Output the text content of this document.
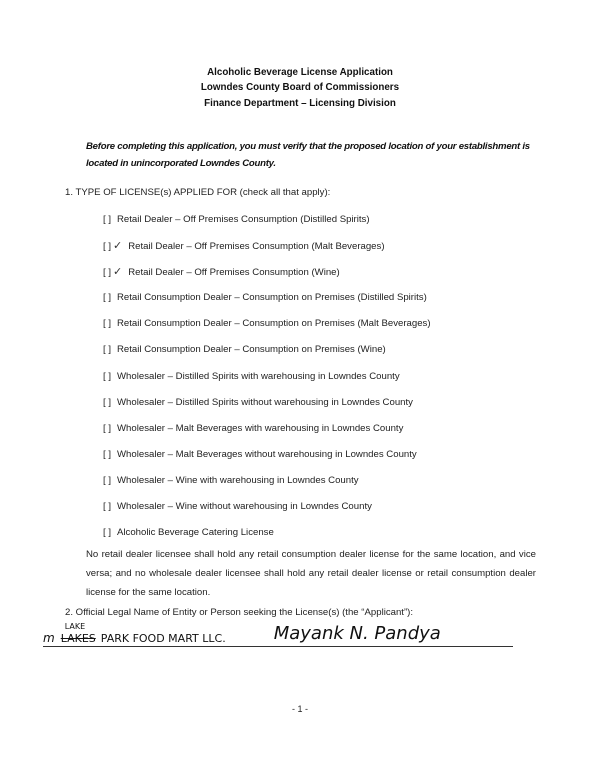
Alcoholic Beverage License Application
Lowndes County Board of Commissioners
Finance Department – Licensing Division
Before completing this application, you must verify that the proposed location of your establishment is
located in unincorporated Lowndes County.
1. TYPE OF LICENSE(s) APPLIED FOR (check all that apply):
[ ] Retail Dealer – Off Premises Consumption (Distilled Spirits)
[ ] ✓ Retail Dealer – Off Premises Consumption (Malt Beverages)
[ ] ✓ Retail Dealer – Off Premises Consumption (Wine)
[ ] Retail Consumption Dealer – Consumption on Premises (Distilled Spirits)
[ ] Retail Consumption Dealer – Consumption on Premises (Malt Beverages)
[ ] Retail Consumption Dealer – Consumption on Premises (Wine)
[ ] Wholesaler – Distilled Spirits with warehousing in Lowndes County
[ ] Wholesaler – Distilled Spirits without warehousing in Lowndes County
[ ] Wholesaler – Malt Beverages with warehousing in Lowndes County
[ ] Wholesaler – Malt Beverages without warehousing in Lowndes County
[ ] Wholesaler – Wine with warehousing in Lowndes County
[ ] Wholesaler – Wine without warehousing in Lowndes County
[ ] Alcoholic Beverage Catering License
No retail dealer licensee shall hold any retail consumption dealer license for the same location, and vice versa; and no wholesale dealer licensee shall hold any retail dealer license or retail consumption dealer license for the same location.
2. Official Legal Name of Entity or Person seeking the License(s) (the “Applicant”):
m
LAKE
LAKES PARK FOOD MART LLC.	Mayank N. Pandya
- 1 -
